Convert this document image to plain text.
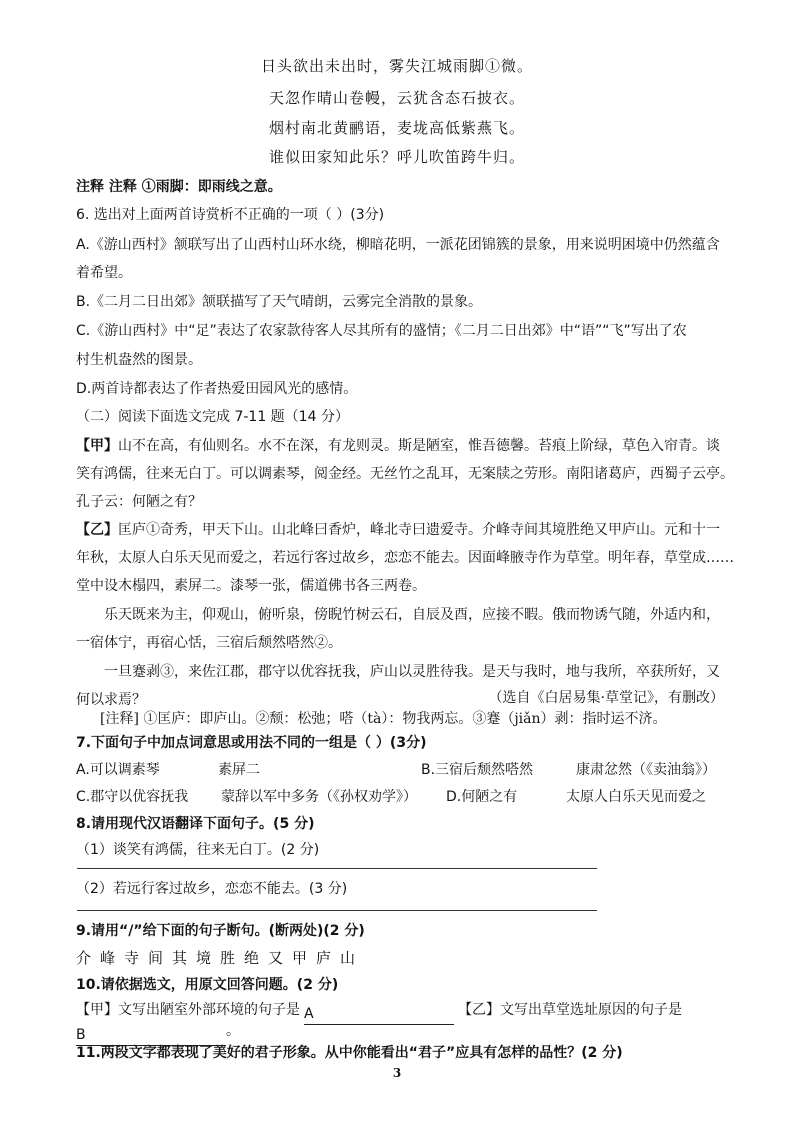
日头欲出未出时，雾失江城雨脚①微。
天忽作晴山卷幔，云犹含态石披衣。
烟村南北黄鹂语，麦垅高低紫燕飞。
谁似田家知此乐？呼儿吹笛跨牛归。
注释 注释 ①雨脚：即雨线之意。
6. 选出对上面两首诗赏析不正确的一项（ ）(3分)
A.《游山西村》颔联写出了山西村山环水绕，柳暗花明，一派花团锦簇的景象，用来说明困境中仍然蕴含
着希望。
B.《二月二日出郊》颔联描写了天气晴朗，云雾完全消散的景象。
C.《游山西村》中“足”表达了农家款待客人尽其所有的盛情；《二月二日出郊》中“语”“飞”写出了农
村生机盎然的图景。
D.两首诗都表达了作者热爱田园风光的感情。
（二）阅读下面选文完成 7-11 题（14 分）
【甲】山不在高，有仙则名。水不在深，有龙则灵。斯是陋室，惟吾德馨。苔痕上阶绿，草色入帘青。谈
笑有鸿儒，往来无白丁。可以调素琴，阅金经。无丝竹之乱耳，无案牍之劳形。南阳诸葛庐，西蜀子云亭。
孔子云：何陋之有？
【乙】匡庐①奇秀，甲天下山。山北峰曰香炉，峰北寺曰遗爱寺。介峰寺间其境胜绝又甲庐山。元和十一
年秋，太原人白乐天见而爱之，若远行客过故乡，恋恋不能去。因面峰腋寺作为草堂。明年春，草堂成……
堂中设木榻四，素屏二。漆琴一张，儒道佛书各三两卷。
乐天既来为主，仰观山，俯听泉，傍睨竹树云石，自辰及酉，应接不暇。俄而物诱气随，外适内和，
一宿体宁，再宿心恬，三宿后颓然嗒然②。
一旦蹇剥③，来佐江郡，郡守以优容抚我，庐山以灵胜待我。是天与我时，地与我所，卒获所好，又
何以求焉？	（选自《白居易集·草堂记》，有删改）
[注释] ①匡庐：即庐山。②颓：松弛；嗒（tà）：物我两忘。③蹇（jiǎn）剥：指时运不济。
7.下面句子中加点词意思或用法不同的一组是（ ）(3分)
A.可以调素琴	素屏二	B.三宿后颓然嗒然	康肃忿然（《卖油翁》）
C.郡守以优容抚我 蒙辞以军中多务（《孙权劝学》） D.何陋之有	太原人白乐天见而爱之
8.请用现代汉语翻译下面句子。(5 分)
（1）谈笑有鸿儒，往来无白丁。(2 分)
（2）若远行客过故乡，恋恋不能去。(3 分)
9.请用“/”给下面的句子断句。(断两处)(2 分)
介峰寺间其境胜绝又甲庐山
10.请依据选文，用原文回答问题。(2 分)
【甲】文写出陋室外部环境的句子是 A	【乙】文写出草堂选址原因的句子是
B	。
11.两段文字都表现了美好的君子形象。从中你能看出“君子”应具有怎样的品性？(2 分)
3
